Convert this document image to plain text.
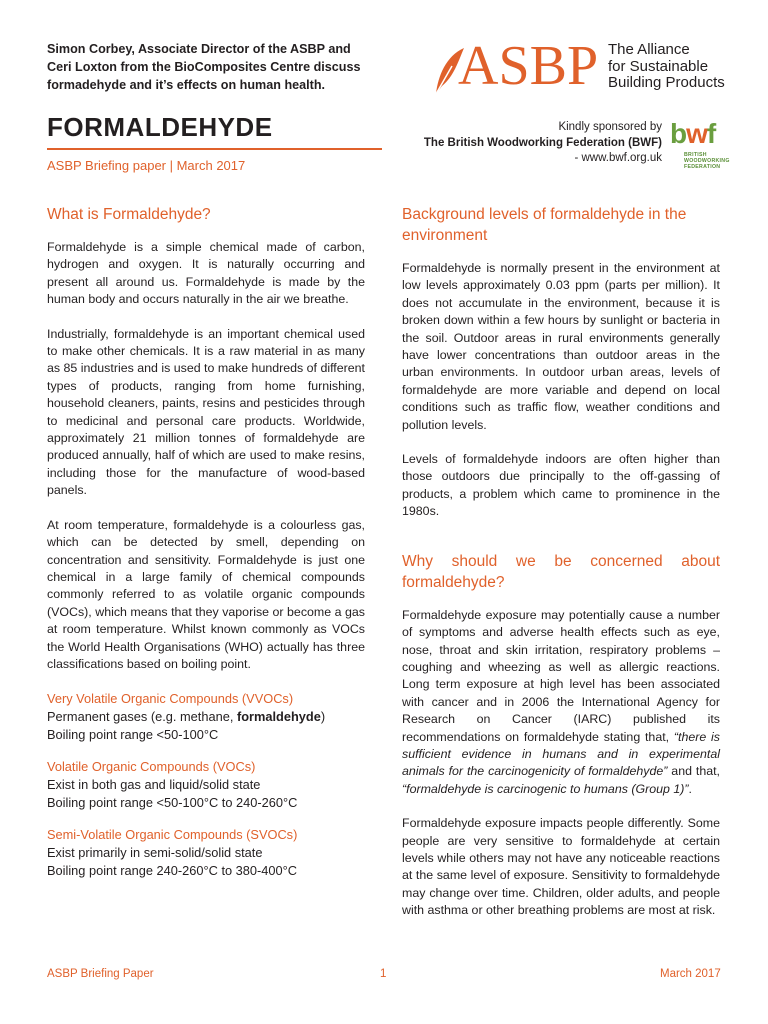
Simon Corbey, Associate Director of the ASBP and Ceri Loxton from the BioComposites Centre discuss formadehyde and it’s effects on human health.
FORMALDEHYDE
ASBP Briefing paper | March 2017
ASBP The Alliance
for Sustainable
Building Products
Kindly sponsored by
The British Woodworking Federation (BWF)
- www.bwf.org.uk
bwf
BRITISH
WOODWORKING
FEDERATION
What is Formaldehyde?

Formaldehyde is a simple chemical made of carbon, hydrogen and oxygen. It is naturally occurring and present all around us. Formaldehyde is made by the human body and occurs naturally in the air we breathe.

Industrially, formaldehyde is an important chemical used to make other chemicals. It is a raw material in as many as 85 industries and is used to make hundreds of different types of products, ranging from home furnishing, household cleaners, paints, resins and pesticides through to medicinal and personal care products. Worldwide, approximately 21 million tonnes of formaldehyde are produced annually, half of which are used to make resins, including those for the manufacture of wood-based panels.

At room temperature, formaldehyde is a colourless gas, which can be detected by smell, depending on concentration and sensitivity. Formaldehyde is just one chemical in a large family of chemical compounds commonly referred to as volatile organic compounds (VOCs), which means that they vaporise or become a gas at room temperature. Whilst known commonly as VOCs the World Health Organisations (WHO) actually has three classifications based on boiling point.

Very Volatile Organic Compounds (VVOCs)
Permanent gases (e.g. methane, formaldehyde)
Boiling point range <50-100°C
Volatile Organic Compounds (VOCs)
Exist in both gas and liquid/solid state
Boiling point range <50-100°C to 240-260°C
Semi-Volatile Organic Compounds (SVOCs)
Exist primarily in semi-solid/solid state
Boiling point range 240-260°C to 380-400°C
Background levels of formaldehyde in the environment

Formaldehyde is normally present in the environment at low levels approximately 0.03 ppm (parts per million). It does not accumulate in the environment, because it is broken down within a few hours by sunlight or bacteria in the soil. Outdoor areas in rural environments generally have lower concentrations than outdoor areas in the urban environments. In outdoor urban areas, levels of formaldehyde are more variable and depend on local conditions such as traffic flow, weather conditions and pollution levels.

Levels of formaldehyde indoors are often higher than those outdoors due principally to the off-gassing of products, a problem which came to prominence in the 1980s.

Why should we be concerned about formaldehyde?

Formaldehyde exposure may potentially cause a number of symptoms and adverse health effects such as eye, nose, throat and skin irritation, respiratory problems – coughing and wheezing as well as allergic reactions. Long term exposure at high level has been associated with cancer and in 2006 the International Agency for Research on Cancer (IARC) published its recommendations on formaldehyde stating that, “there is sufficient evidence in humans and in experimental animals for the carcinogenicity of formaldehyde” and that, “formaldehyde is carcinogenic to humans (Group 1)”.

Formaldehyde exposure impacts people differently. Some people are very sensitive to formaldehyde at certain levels while others may not have any noticeable reactions at the same level of exposure. Sensitivity to formaldehyde may change over time. Children, older adults, and people with asthma or other breathing problems are most at risk.

ASBP Briefing Paper	1	March 2017
